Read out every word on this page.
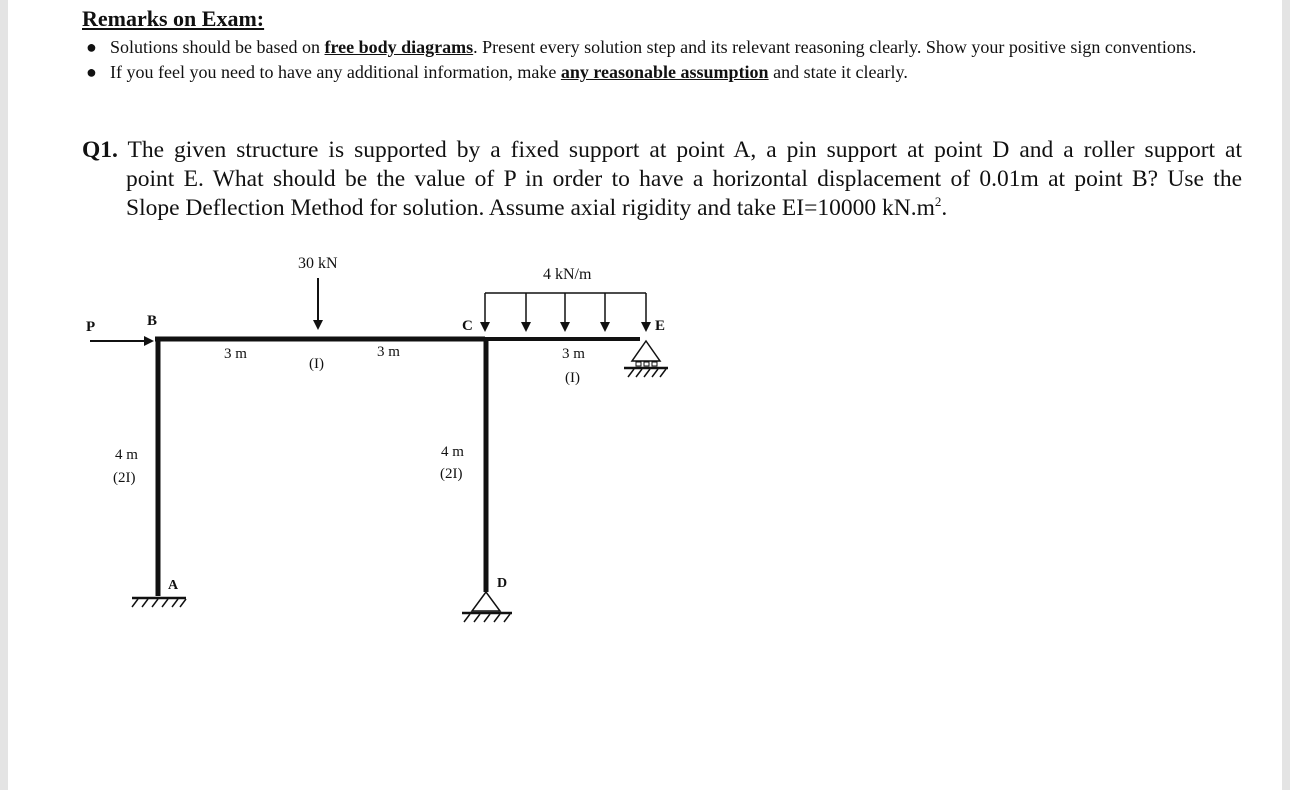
Remarks on Exam:
● Solutions should be based on free body diagrams. Present every solution step and its relevant reasoning clearly. Show your positive sign conventions.
● If you feel you need to have any additional information, make any reasonable assumption and state it clearly.
Q1. The given structure is supported by a fixed support at point A, a pin support at point D and a roller support at
point E. What should be the value of P in order to have a horizontal displacement of 0.01m at point B? Use the
Slope Deflection Method for solution. Assume axial rigidity and take EI=10000 $kN.m^2$.
P	B
30 kN
3 m
(I)
3 m
4 kN/m
C	E
3 m
(I)
4 m
(2I)
4 m
(2I)
A	D
